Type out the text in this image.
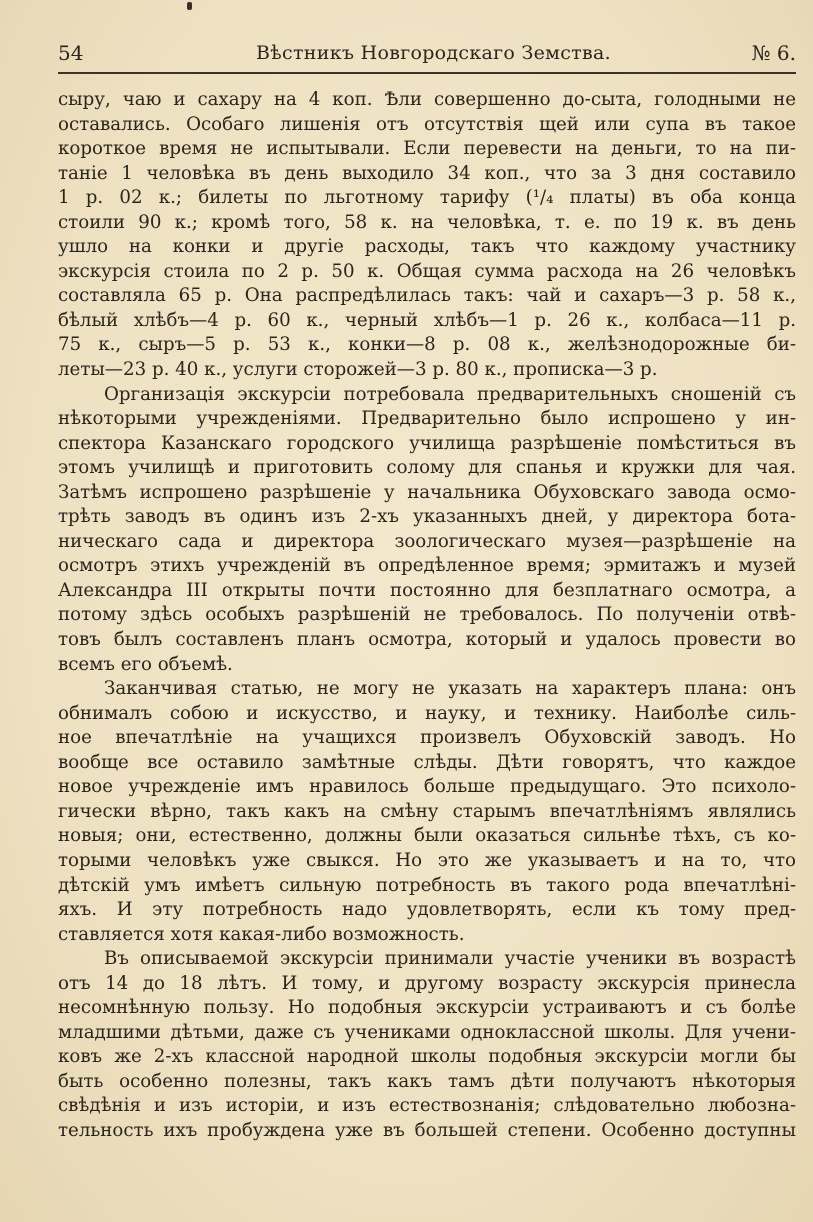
54	Вѣстникъ Новгородскаго Земства.	№ 6.
сыру, чаю и сахару на 4 коп. Ѣли совершенно до-сыта, голодными не
оставались. Особаго лишенія отъ отсутствія щей или супа въ такое
короткое время не испытывали. Если перевести на деньги, то на пи-
таніе 1 человѣка въ день выходило 34 коп., что за 3 дня составило
1 р. 02 к.; билеты по льготному тарифу (¹/₄ платы) въ оба конца
стоили 90 к.; кромѣ того, 58 к. на человѣка, т. е. по 19 к. въ день
ушло на конки и другіе расходы, такъ что каждому участнику
экскурсія стоила по 2 р. 50 к. Общая сумма расхода на 26 человѣкъ
составляла 65 р. Она распредѣлилась такъ: чай и сахаръ—3 р. 58 к.,
бѣлый хлѣбъ—4 р. 60 к., черный хлѣбъ—1 р. 26 к., колбаса—11 р.
75 к., сыръ—5 р. 53 к., конки—8 р. 08 к., желѣзнодорожные би-
леты—23 р. 40 к., услуги сторожей—3 р. 80 к., прописка—3 р.
Организація экскурсіи потребовала предварительныхъ сношеній съ
нѣкоторыми учрежденіями. Предварительно было испрошено у ин-
спектора Казанскаго городского училища разрѣшеніе помѣститься въ
этомъ училищѣ и приготовить солому для спанья и кружки для чая.
Затѣмъ испрошено разрѣшеніе у начальника Обуховскаго завода осмо-
трѣть заводъ въ одинъ изъ 2-хъ указанныхъ дней, у директора бота-
ническаго сада и директора зоологическаго музея—разрѣшеніе на
осмотръ этихъ учрежденій въ опредѣленное время; эрмитажъ и музей
Александра III открыты почти постоянно для безплатнаго осмотра, а
потому здѣсь особыхъ разрѣшеній не требовалось. По полученіи отвѣ-
товъ былъ составленъ планъ осмотра, который и удалось провести во
всемъ его объемѣ.
Заканчивая статью, не могу не указать на характеръ плана: онъ
обнималъ собою и искусство, и науку, и технику. Наиболѣе силь-
ное впечатлѣніе на учащихся произвелъ Обуховскій заводъ. Но
вообще все оставило замѣтные слѣды. Дѣти говорятъ, что каждое
новое учрежденіе имъ нравилось больше предыдущаго. Это психоло-
гически вѣрно, такъ какъ на смѣну старымъ впечатлѣніямъ являлись
новыя; они, естественно, должны были оказаться сильнѣе тѣхъ, съ ко-
торыми человѣкъ уже свыкся. Но это же указываетъ и на то, что
дѣтскій умъ имѣетъ сильную потребность въ такого рода впечатлѣні-
яхъ. И эту потребность надо удовлетворять, если къ тому пред-
ставляется хотя какая-либо возможность.
Въ описываемой экскурсіи принимали участіе ученики въ возрастѣ
отъ 14 до 18 лѣтъ. И тому, и другому возрасту экскурсія принесла
несомнѣнную пользу. Но подобныя экскурсіи устраиваютъ и съ болѣе
младшими дѣтьми, даже съ учениками одноклассной школы. Для учени-
ковъ же 2-хъ классной народной школы подобныя экскурсіи могли бы
быть особенно полезны, такъ какъ тамъ дѣти получаютъ нѣкоторыя
свѣдѣнія и изъ исторіи, и изъ естествознанія; слѣдовательно любозна-
тельность ихъ пробуждена уже въ большей степени. Особенно доступны
